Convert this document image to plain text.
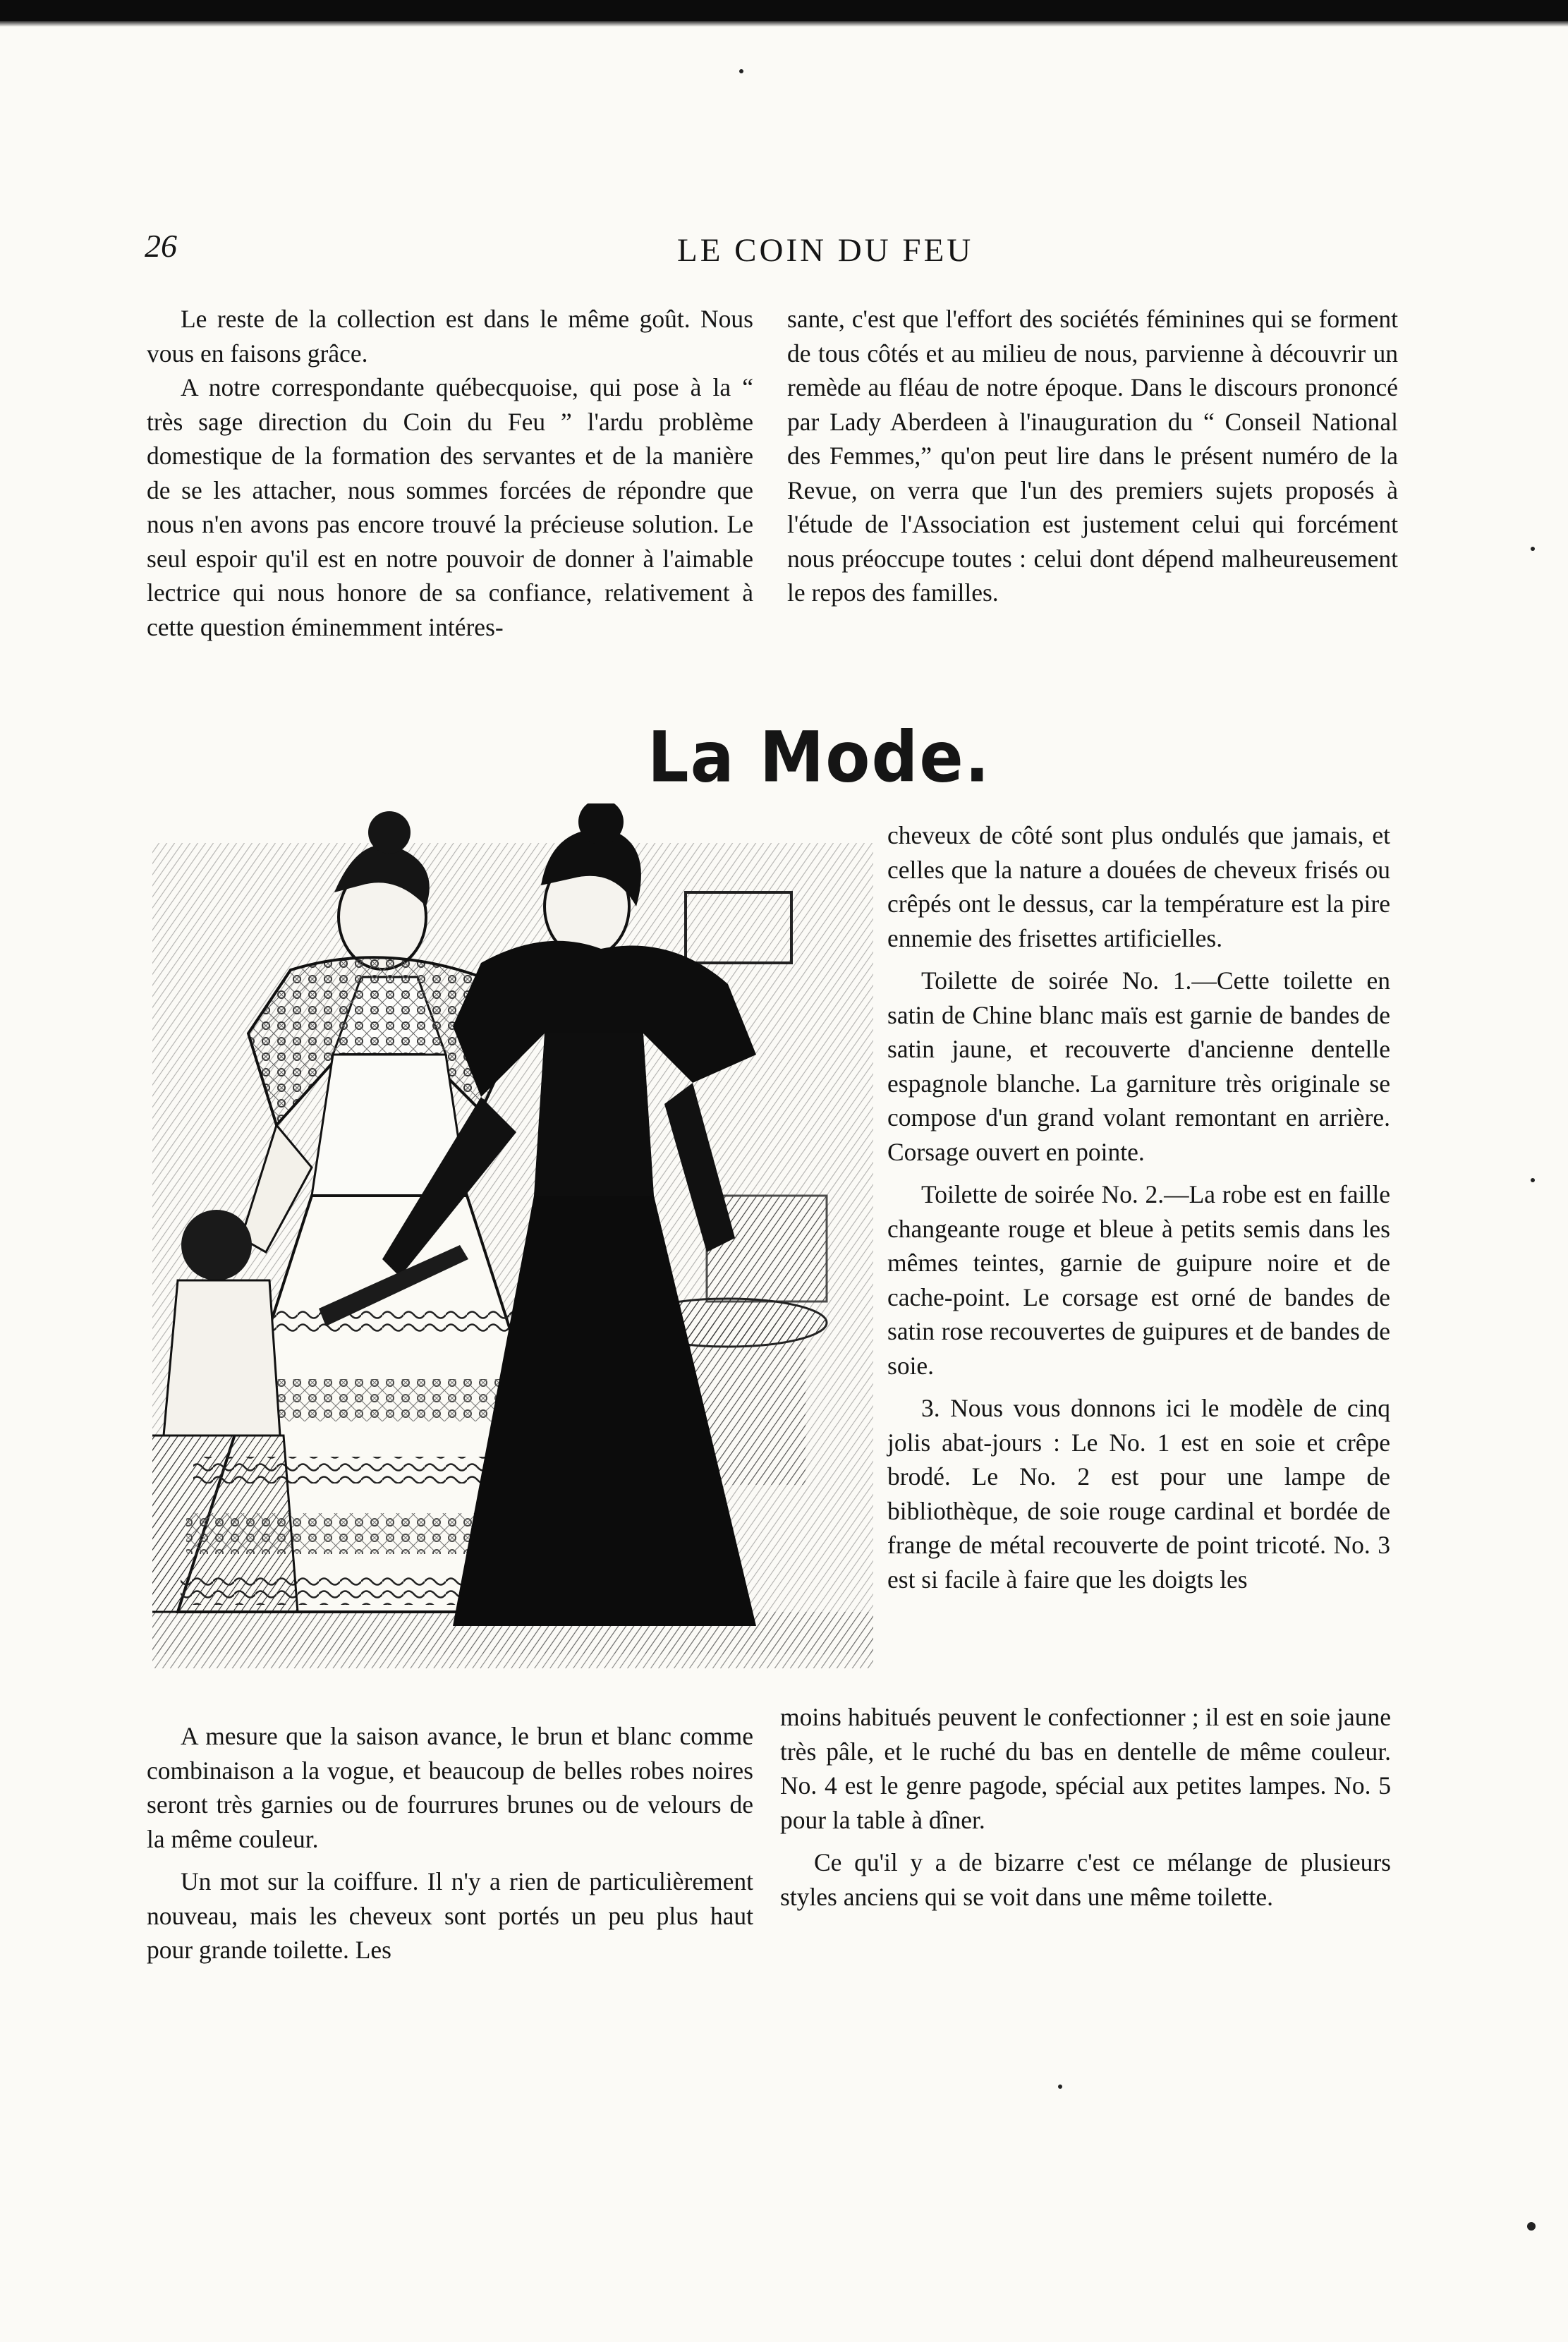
26	LE COIN DU FEU

Le reste de la collection est dans le même goût. Nous vous en faisons grâce.

A notre correspondante québecquoise, qui pose à la “ très sage direction du Coin du Feu ” l'ardu problème domestique de la formation des servantes et de la manière de se les attacher, nous sommes forcées de répondre que nous n'en avons pas encore trouvé la précieuse solution. Le seul espoir qu'il est en notre pouvoir de donner à l'aimable lectrice qui nous honore de sa confiance, relativement à cette question éminemment intéres-

sante, c'est que l'effort des sociétés féminines qui se forment de tous côtés et au milieu de nous, parvienne à découvrir un remède au fléau de notre époque. Dans le discours prononcé par Lady Aberdeen à l'inauguration du “ Conseil National des Femmes,” qu'on peut lire dans le présent numéro de la Revue, on verra que l'un des premiers sujets proposés à l'étude de l'Association est justement celui qui forcément nous préoccupe toutes : celui dont dépend malheureusement le repos des familles.

La Mode.

cheveux de côté sont plus ondulés que jamais, et celles que la nature a douées de cheveux frisés ou crêpés ont le dessus, car la température est la pire ennemie des frisettes artificielles.

Toilette de soirée No. 1.—Cette toilette en satin de Chine blanc maïs est garnie de bandes de satin jaune, et recouverte d'ancienne dentelle espagnole blanche. La garniture très originale se compose d'un grand volant remontant en arrière. Corsage ouvert en pointe.

Toilette de soirée No. 2.—La robe est en faille changeante rouge et bleue à petits semis dans les mêmes teintes, garnie de guipure noire et de cache-point. Le corsage est orné de bandes de satin rose recouvertes de guipures et de bandes de soie.

3. Nous vous donnons ici le modèle de cinq jolis abat-jours : Le No. 1 est en soie et crêpe brodé. Le No. 2 est pour une lampe de bibliothèque, de soie rouge cardinal et bordée de frange de métal recouverte de point tricoté. No. 3 est si facile à faire que les doigts les

A mesure que la saison avance, le brun et blanc comme combinaison a la vogue, et beaucoup de belles robes noires seront très garnies ou de fourrures brunes ou de velours de la même couleur.

Un mot sur la coiffure. Il n'y a rien de particulièrement nouveau, mais les cheveux sont portés un peu plus haut pour grande toilette. Les

moins habitués peuvent le confectionner ; il est en soie jaune très pâle, et le ruché du bas en dentelle de même couleur. No. 4 est le genre pagode, spécial aux petites lampes. No. 5 pour la table à dîner.

Ce qu'il y a de bizarre c'est ce mélange de plusieurs styles anciens qui se voit dans une même toilette.
